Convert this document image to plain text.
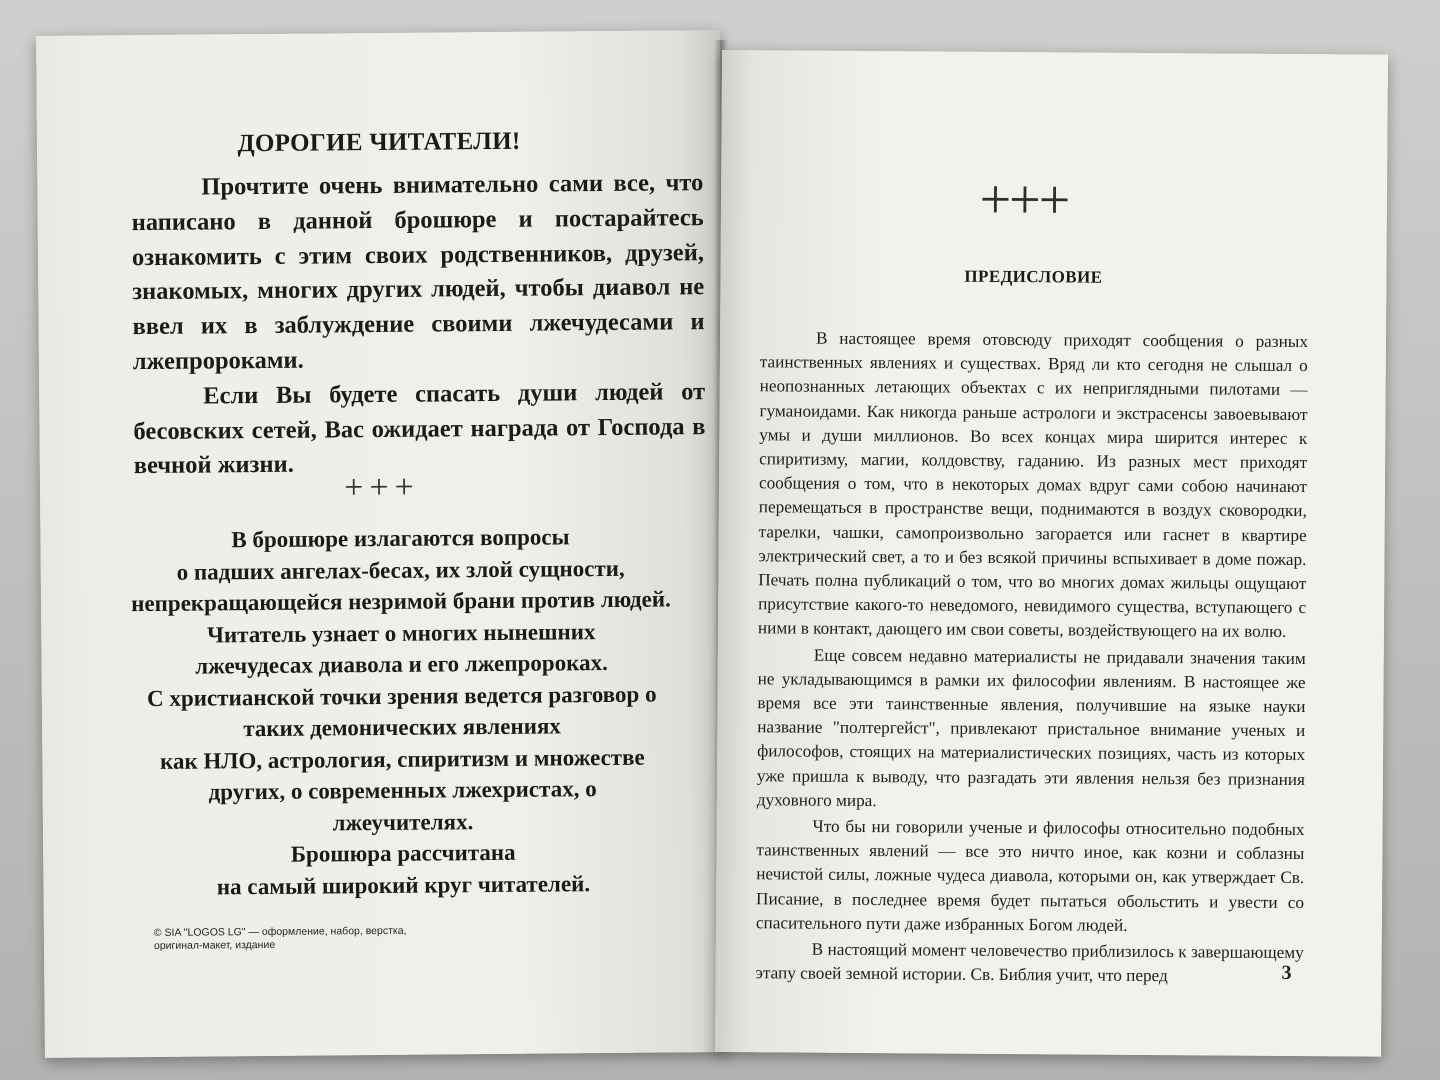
ДОРОГИЕ ЧИТАТЕЛИ!

Прочтите очень внимательно сами все, что написано в данной брошюре и постарайтесь ознакомить с этим своих родственников, друзей, знакомых, многих других людей, чтобы диавол не ввел их в заблуждение своими лжечудесами и лжепророками.

Если Вы будете спасать души людей от бесовских сетей, Вас ожидает награда от Господа в вечной жизни.

+++
В брошюре излагаются вопросы
о падших ангелах-бесах, их злой сущности,
непрекращающейся незримой брани против людей.
Читатель узнает о многих нынешних
лжечудесах диавола и его лжепророках.
С христианской точки зрения ведется разговор о
таких демонических явлениях
как НЛО, астрология, спиритизм и множестве
других, о современных лжехристах, о
лжеучителях.
Брошюра рассчитана
на самый широкий круг читателей.
© SIA "LOGOS LG" — оформление, набор, верстка, оригинал-макет, издание
+++
ПРЕДИСЛОВИЕ

В настоящее время отовсюду приходят сообщения о разных таинственных явлениях и существах. Вряд ли кто сегодня не слышал о неопознанных летающих объектах с их неприглядными пилотами — гуманоидами. Как никогда раньше астрологи и экстрасенсы завоевывают умы и души миллионов. Во всех концах мира ширится интерес к спиритизму, магии, колдовству, гаданию. Из разных мест приходят сообщения о том, что в некоторых домах вдруг сами собою начинают перемещаться в пространстве вещи, поднимаются в воздух сковородки, тарелки, чашки, самопроизвольно загорается или гаснет в квартире электрический свет, а то и без всякой причины вспыхивает в доме пожар. Печать полна публикаций о том, что во многих домах жильцы ощущают присутствие какого-то неведомого, невидимого существа, вступающего с ними в контакт, дающего им свои советы, воздействующего на их волю.

Еще совсем недавно материалисты не придавали значения таким не укладывающимся в рамки их философии явлениям. В настоящее же время все эти таинственные явления, получившие на языке науки название "полтергейст", привлекают пристальное внимание ученых и философов, стоящих на материалистических позициях, часть из которых уже пришла к выводу, что разгадать эти явления нельзя без признания духовного мира.

Что бы ни говорили ученые и философы относительно подобных таинственных явлений — все это ничто иное, как козни и соблазны нечистой силы, ложные чудеса диавола, которыми он, как утверждает Св. Писание, в последнее время будет пытаться обольстить и увести со спасительного пути даже избранных Богом людей.

В настоящий момент человечество приблизилось к завершающему этапу своей земной истории. Св. Библия учит, что перед	3
